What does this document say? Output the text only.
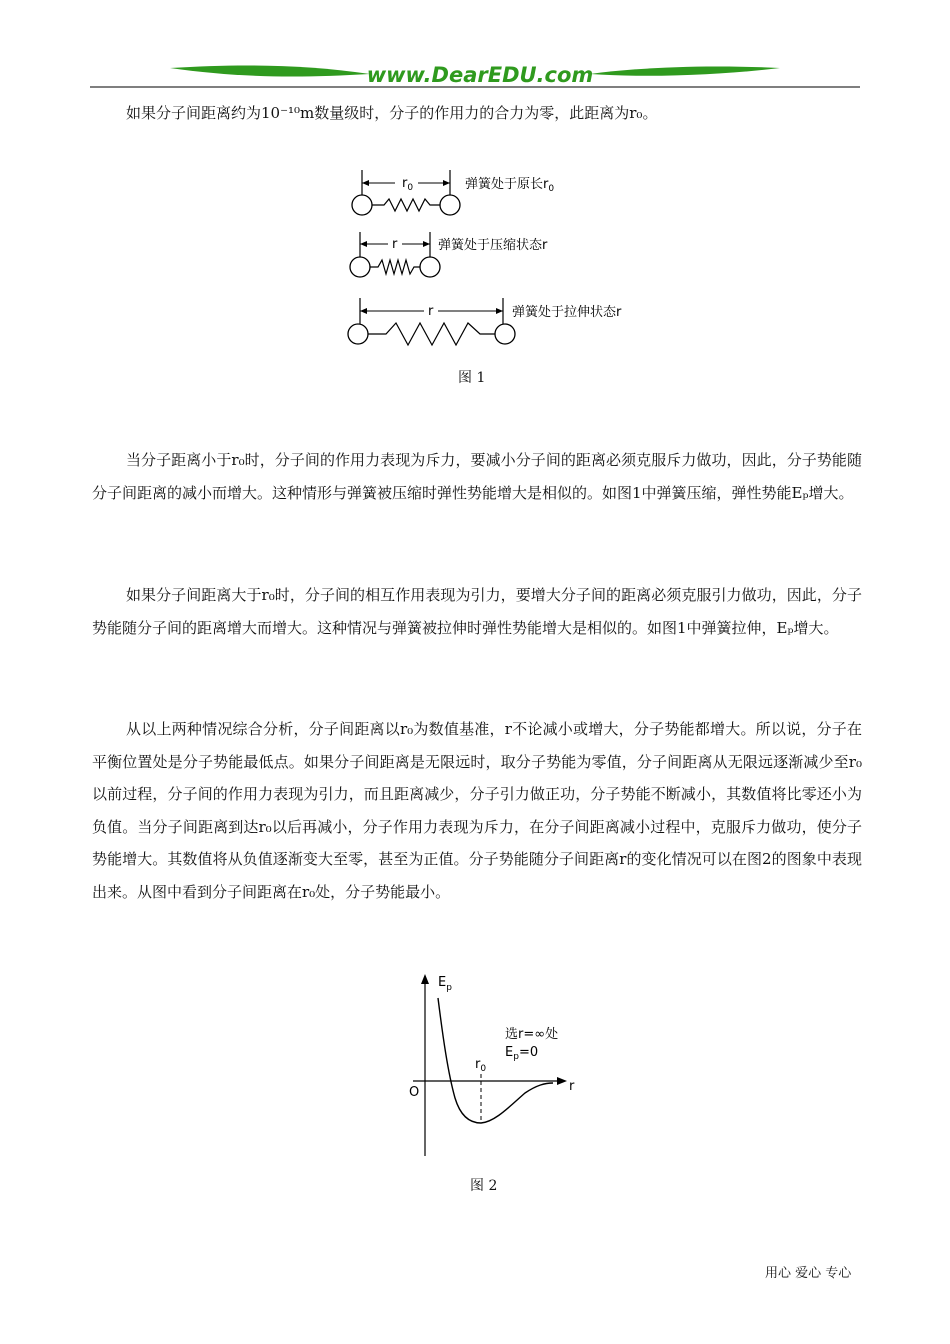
www.DearEDU.com
如果分子间距离约为10⁻¹⁰m数量级时，分子的作用力的合力为零，此距离为r₀。
$r_0$	弹簧处于原长$r_0$
r	弹簧处于压缩状态r
r	弹簧处于拉伸状态r
图 1
当分子距离小于r₀时，分子间的作用力表现为斥力，要减小分子间的距离必须克服斥力做功，因此，分子势能随分子间距离的减小而增大。这种情形与弹簧被压缩时弹性势能增大是相似的。如图1中弹簧压缩，弹性势能Eₚ增大。
如果分子间距离大于r₀时，分子间的相互作用表现为引力，要增大分子间的距离必须克服引力做功，因此，分子势能随分子间的距离增大而增大。这种情况与弹簧被拉伸时弹性势能增大是相似的。如图1中弹簧拉伸，Eₚ增大。
从以上两种情况综合分析，分子间距离以r₀为数值基准，r不论减小或增大，分子势能都增大。所以说，分子在平衡位置处是分子势能最低点。如果分子间距离是无限远时，取分子势能为零值，分子间距离从无限远逐渐减少至r₀以前过程，分子间的作用力表现为引力，而且距离减少，分子引力做正功，分子势能不断减小，其数值将比零还小为负值。当分子间距离到达r₀以后再减小，分子作用力表现为斥力，在分子间距离减小过程中，克服斥力做功，使分子势能增大。其数值将从负值逐渐变大至零，甚至为正值。分子势能随分子间距离r的变化情况可以在图2的图象中表现出来。从图中看到分子间距离在r₀处，分子势能最小。
$E_p$
r
O
$r_0$
选r=∞处
$E_p=0$
图 2
用心 爱心 专心
